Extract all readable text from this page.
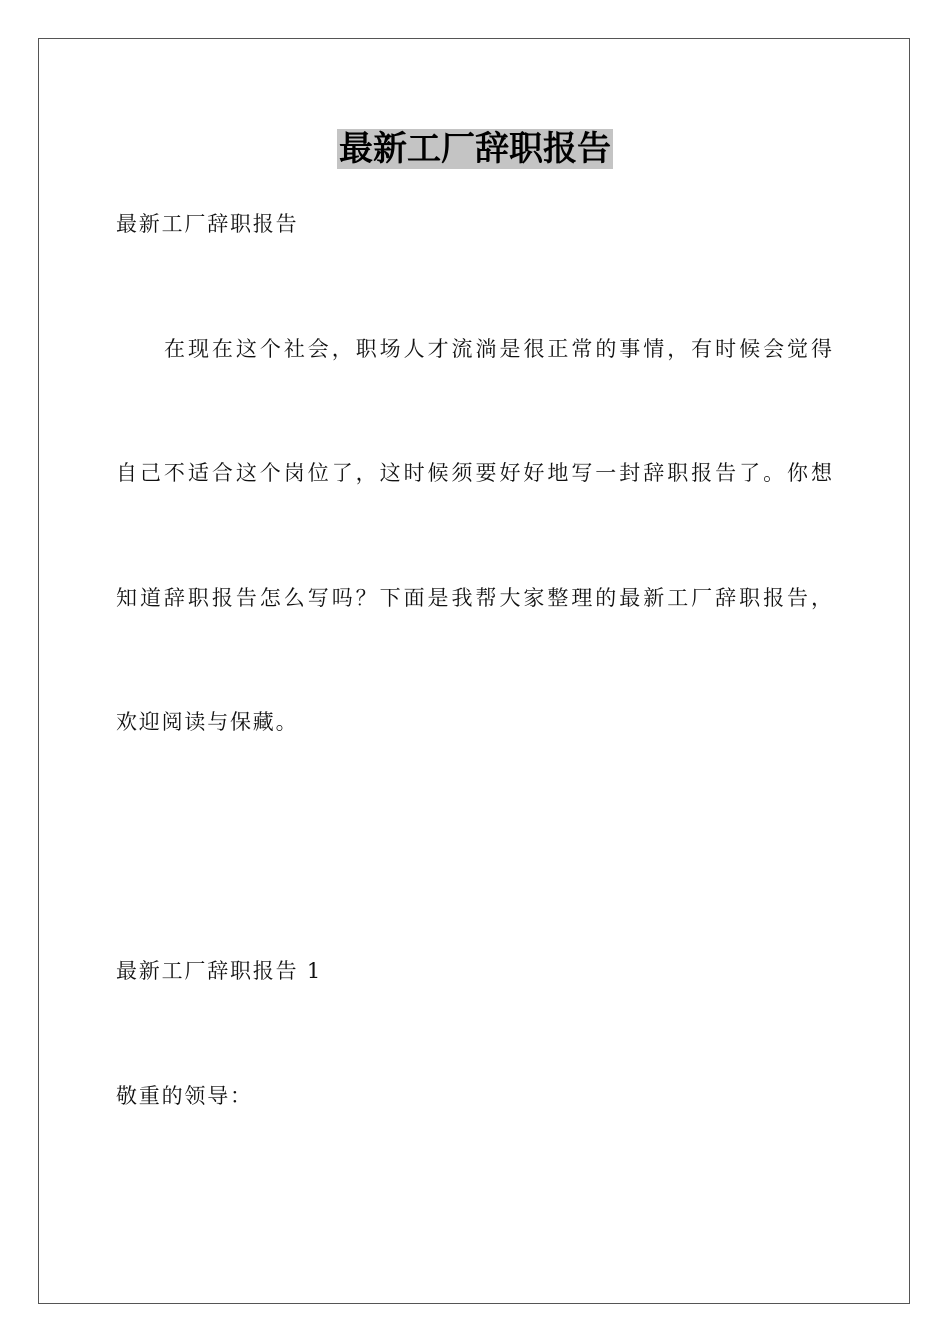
最新工厂辞职报告

最新工厂辞职报告

在现在这个社会，职场人才流淌是很正常的事情，有时候会觉得

自己不适合这个岗位了，这时候须要好好地写一封辞职报告了。你想

知道辞职报告怎么写吗？下面是我帮大家整理的最新工厂辞职报告，

欢迎阅读与保藏。

最新工厂辞职报告 1

敬重的领导：
